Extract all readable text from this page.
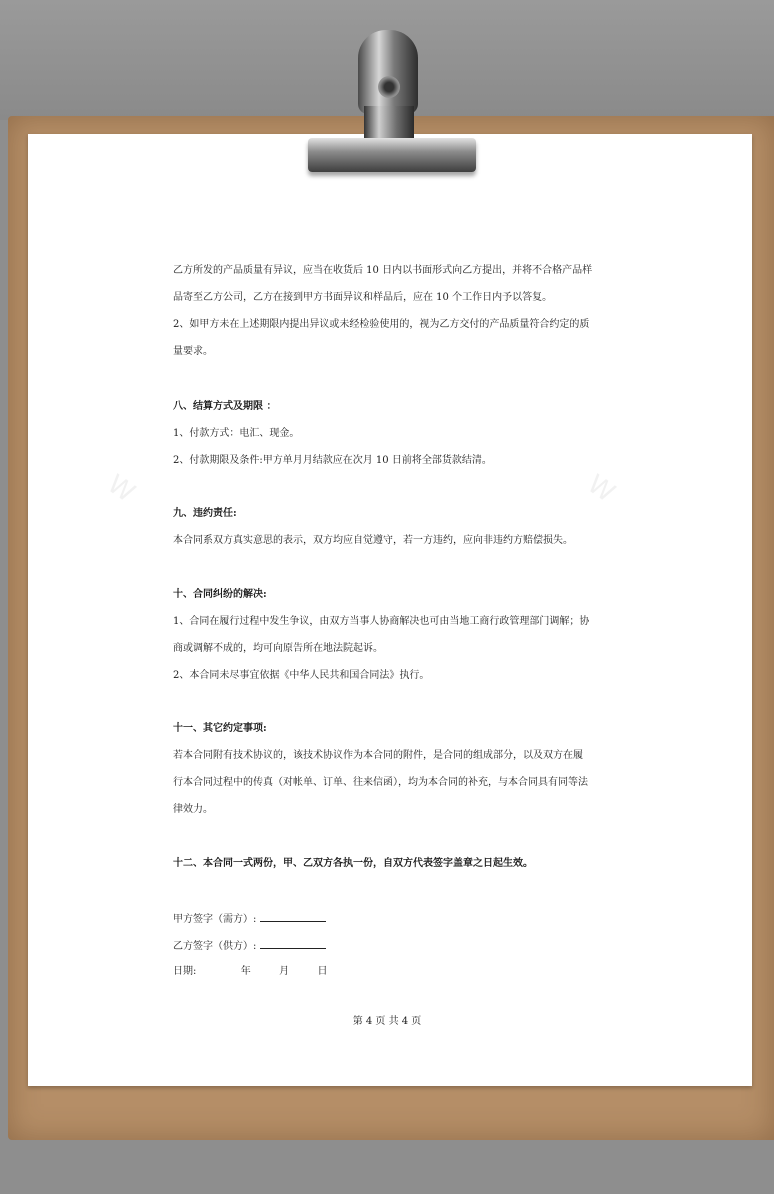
W	W
乙方所发的产品质量有异议，应当在收货后 10 日内以书面形式向乙方提出，并将不合格产品样
品寄至乙方公司，乙方在接到甲方书面异议和样品后，应在 10 个工作日内予以答复。
2、如甲方未在上述期限内提出异议或未经检验使用的，视为乙方交付的产品质量符合约定的质
量要求。
八、结算方式及期限 ：
1、付款方式：电汇、现金。
2、付款期限及条件:甲方单月月结款应在次月 10 日前将全部货款结清。
九、违约责任:
本合同系双方真实意思的表示，双方均应自觉遵守，若一方违约，应向非违约方赔偿损失。
十、合同纠纷的解决:
1、合同在履行过程中发生争议，由双方当事人协商解决也可由当地工商行政管理部门调解；协
商或调解不成的，均可向原告所在地法院起诉。
2、本合同未尽事宜依据《中华人民共和国合同法》执行。
十一、其它约定事项:
若本合同附有技术协议的，该技术协议作为本合同的附件，是合同的组成部分，以及双方在履
行本合同过程中的传真（对帐单、订单、往来信函），均为本合同的补充，与本合同具有同等法
律效力。
十二、本合同一式两份，甲、乙双方各执一份，自双方代表签字盖章之日起生效。
甲方签字（需方）:
乙方签字（供方）:
日期:	年	月	日
第 4 页 共 4 页
